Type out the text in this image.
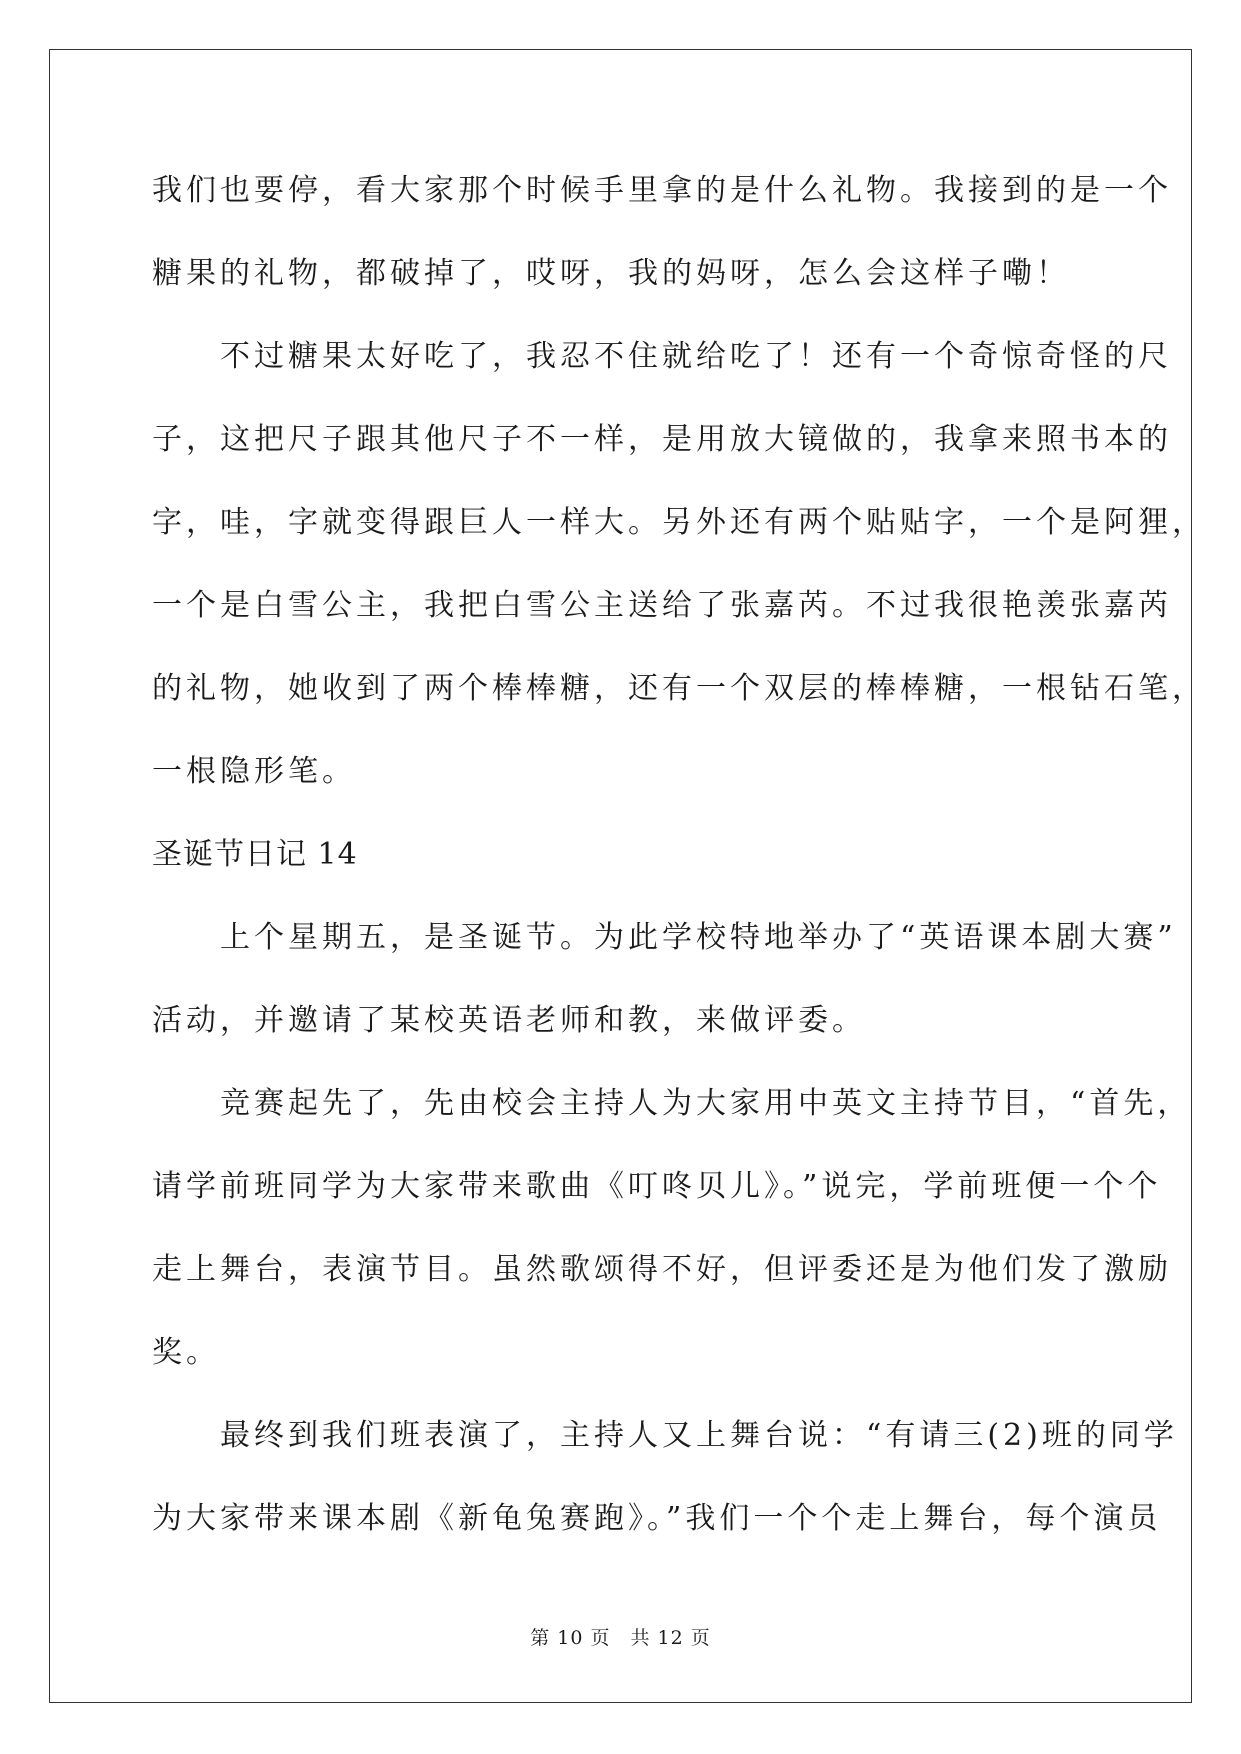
我们也要停，看大家那个时候手里拿的是什么礼物。我接到的是一个
糖果的礼物，都破掉了，哎呀，我的妈呀，怎么会这样子嘞！
　　不过糖果太好吃了，我忍不住就给吃了！还有一个奇惊奇怪的尺
子，这把尺子跟其他尺子不一样，是用放大镜做的，我拿来照书本的
字，哇，字就变得跟巨人一样大。另外还有两个贴贴字，一个是阿狸，
一个是白雪公主，我把白雪公主送给了张嘉芮。不过我很艳羡张嘉芮
的礼物，她收到了两个棒棒糖，还有一个双层的棒棒糖，一根钻石笔，
一根隐形笔。
圣诞节日记 14
　　上个星期五，是圣诞节。为此学校特地举办了“英语课本剧大赛”
活动，并邀请了某校英语老师和教，来做评委。
　　竞赛起先了，先由校会主持人为大家用中英文主持节目，“首先，
请学前班同学为大家带来歌曲《叮咚贝儿》。”说完，学前班便一个个
走上舞台，表演节目。虽然歌颂得不好，但评委还是为他们发了激励
奖。
　　最终到我们班表演了，主持人又上舞台说：“有请三(2)班的同学
为大家带来课本剧《新龟兔赛跑》。”我们一个个走上舞台，每个演员
第 10 页　共 12 页
